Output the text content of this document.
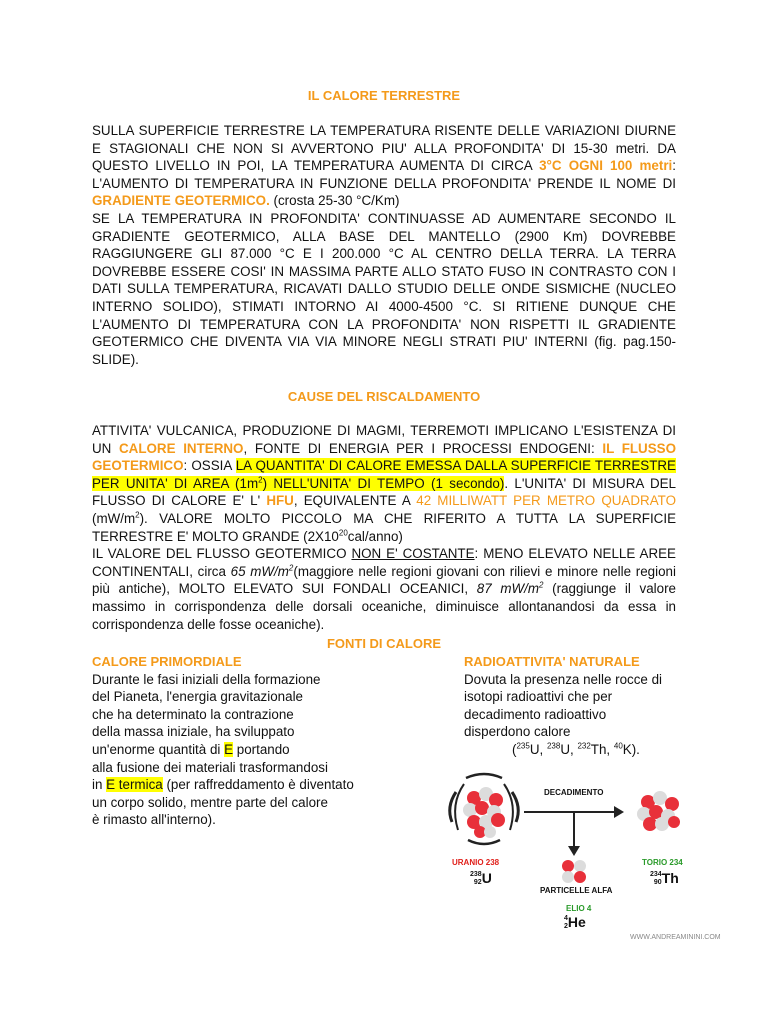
IL CALORE TERRESTRE
SULLA SUPERFICIE TERRESTRE LA TEMPERATURA RISENTE DELLE VARIAZIONI DIURNE E STAGIONALI CHE NON SI AVVERTONO PIU' ALLA PROFONDITA' DI 15-30 metri. DA QUESTO LIVELLO IN POI, LA TEMPERATURA AUMENTA DI CIRCA 3°C OGNI 100 metri: L'AUMENTO DI TEMPERATURA IN FUNZIONE DELLA PROFONDITA' PRENDE IL NOME DI GRADIENTE GEOTERMICO. (crosta 25-30 °C/Km)
SE LA TEMPERATURA IN PROFONDITA' CONTINUASSE AD AUMENTARE SECONDO IL GRADIENTE GEOTERMICO, ALLA BASE DEL MANTELLO (2900 Km) DOVREBBE RAGGIUNGERE GLI 87.000 °C E I 200.000 °C AL CENTRO DELLA TERRA. LA TERRA DOVREBBE ESSERE COSI' IN MASSIMA PARTE ALLO STATO FUSO IN CONTRASTO CON I DATI SULLA TEMPERATURA, RICAVATI DALLO STUDIO DELLE ONDE SISMICHE (NUCLEO INTERNO SOLIDO), STIMATI INTORNO AI 4000-4500 °C. SI RITIENE DUNQUE CHE L'AUMENTO DI TEMPERATURA CON LA PROFONDITA' NON RISPETTI IL GRADIENTE GEOTERMICO CHE DIVENTA VIA VIA MINORE NEGLI STRATI PIU' INTERNI (fig. pag.150-SLIDE).
CAUSE DEL RISCALDAMENTO
ATTIVITA' VULCANICA, PRODUZIONE DI MAGMI, TERREMOTI IMPLICANO L'ESISTENZA DI UN CALORE INTERNO, FONTE DI ENERGIA PER I PROCESSI ENDOGENI: IL FLUSSO GEOTERMICO: OSSIA LA QUANTITA' DI CALORE EMESSA DALLA SUPERFICIE TERRESTRE PER UNITA' DI AREA $(1m^2)$ NELL'UNITA' DI TEMPO (1 secondo). L'UNITA' DI MISURA DEL FLUSSO DI CALORE E' L' HFU, EQUIVALENTE A 42 MILLIWATT PER METRO QUADRATO $(mW/m^2)$. VALORE MOLTO PICCOLO MA CHE RIFERITO A TUTTA LA SUPERFICIE TERRESTRE E' MOLTO GRANDE $(2X10^{20}cal/anno)$
IL VALORE DEL FLUSSO GEOTERMICO NON E' COSTANTE: MENO ELEVATO NELLE AREE CONTINENTALI, circa 65 $mW/m^2(maggiore$ nelle regioni giovani con rilievi e minore nelle regioni più antiche), MOLTO ELEVATO SUI FONDALI OCEANICI, 87 $mW/m^2$ (raggiunge il valore massimo in corrispondenza delle dorsali oceaniche, diminuisce allontanandosi da essa in corrispondenza delle fosse oceaniche).
FONTI DI CALORE
CALORE PRIMORDIALE
Durante le fasi iniziali della formazione
del Pianeta, l'energia gravitazionale
che ha determinato la contrazione
della massa iniziale, ha sviluppato
un'enorme quantità di E portando
alla fusione dei materiali trasformandosi
in E termica (per raffreddamento è diventato
un corpo solido, mentre parte del calore
è rimasto all'interno).
RADIOATTIVITA' NATURALE
Dovuta la presenza nelle rocce di
isotopi radioattivi che per
decadimento radioattivo
disperdono calore
($^{235}$U, $^{238}$U, $^{232}$Th, $^{40}$K).
DECADIMENTO
URANIO 238
238
92U
TORIO 234
234
90Th
PARTICELLE ALFA
ELIO 4
4
2He
WWW.ANDREAMININI.COM
